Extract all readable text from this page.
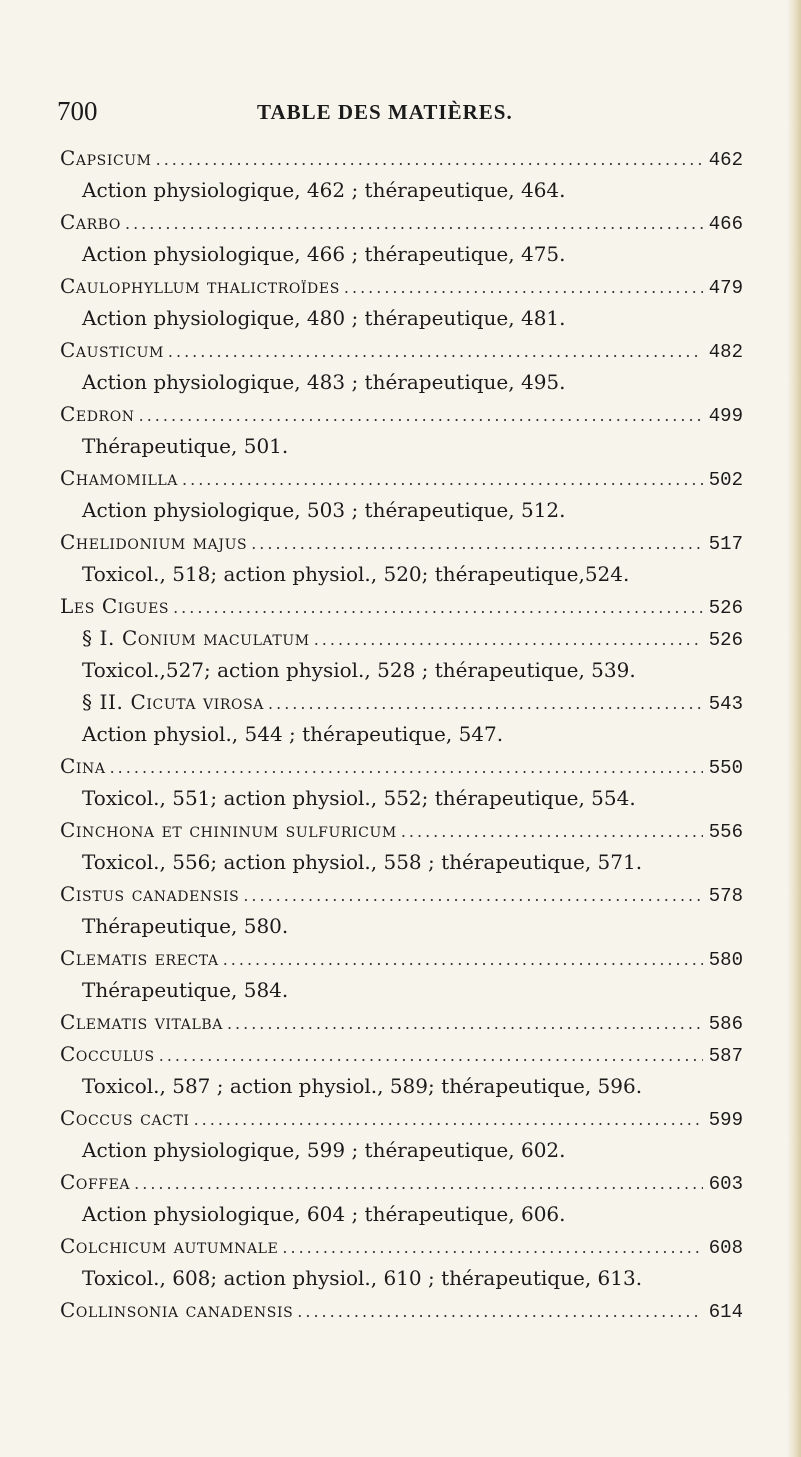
700	TABLE DES MATIÈRES.
Capsicum .....	462
Action physiologique, 462 ; thérapeutique, 464.
Carbo .....	466
Action physiologique, 466 ; thérapeutique, 475.
Caulophyllum thalictroïdes .....	479
Action physiologique, 480 ; thérapeutique, 481.
Causticum .....	482
Action physiologique, 483 ; thérapeutique, 495.
Cedron .....	499
Thérapeutique, 501.
Chamomilla .....	502
Action physiologique, 503 ; thérapeutique, 512.
Chelidonium majus .....	517
Toxicol., 518; action physiol., 520; thérapeutique,524.
Les Cigues .....	526
§ I. Conium maculatum .....	526
Toxicol.,527; action physiol., 528 ; thérapeutique, 539.
§ II. Cicuta virosa .....	543
Action physiol., 544 ; thérapeutique, 547.
Cina .....	550
Toxicol., 551; action physiol., 552; thérapeutique, 554.
Cinchona et chininum sulfuricum .....	556
Toxicol., 556; action physiol., 558 ; thérapeutique, 571.
Cistus canadensis .....	578
Thérapeutique, 580.
Clematis erecta .....	580
Thérapeutique, 584.
Clematis vitalba .....	586
Cocculus .....	587
Toxicol., 587 ; action physiol., 589; thérapeutique, 596.
Coccus cacti .....	599
Action physiologique, 599 ; thérapeutique, 602.
Coffea .....	603
Action physiologique, 604 ; thérapeutique, 606.
Colchicum autumnale .....	608
Toxicol., 608; action physiol., 610 ; thérapeutique, 613.
Collinsonia canadensis .....	614
